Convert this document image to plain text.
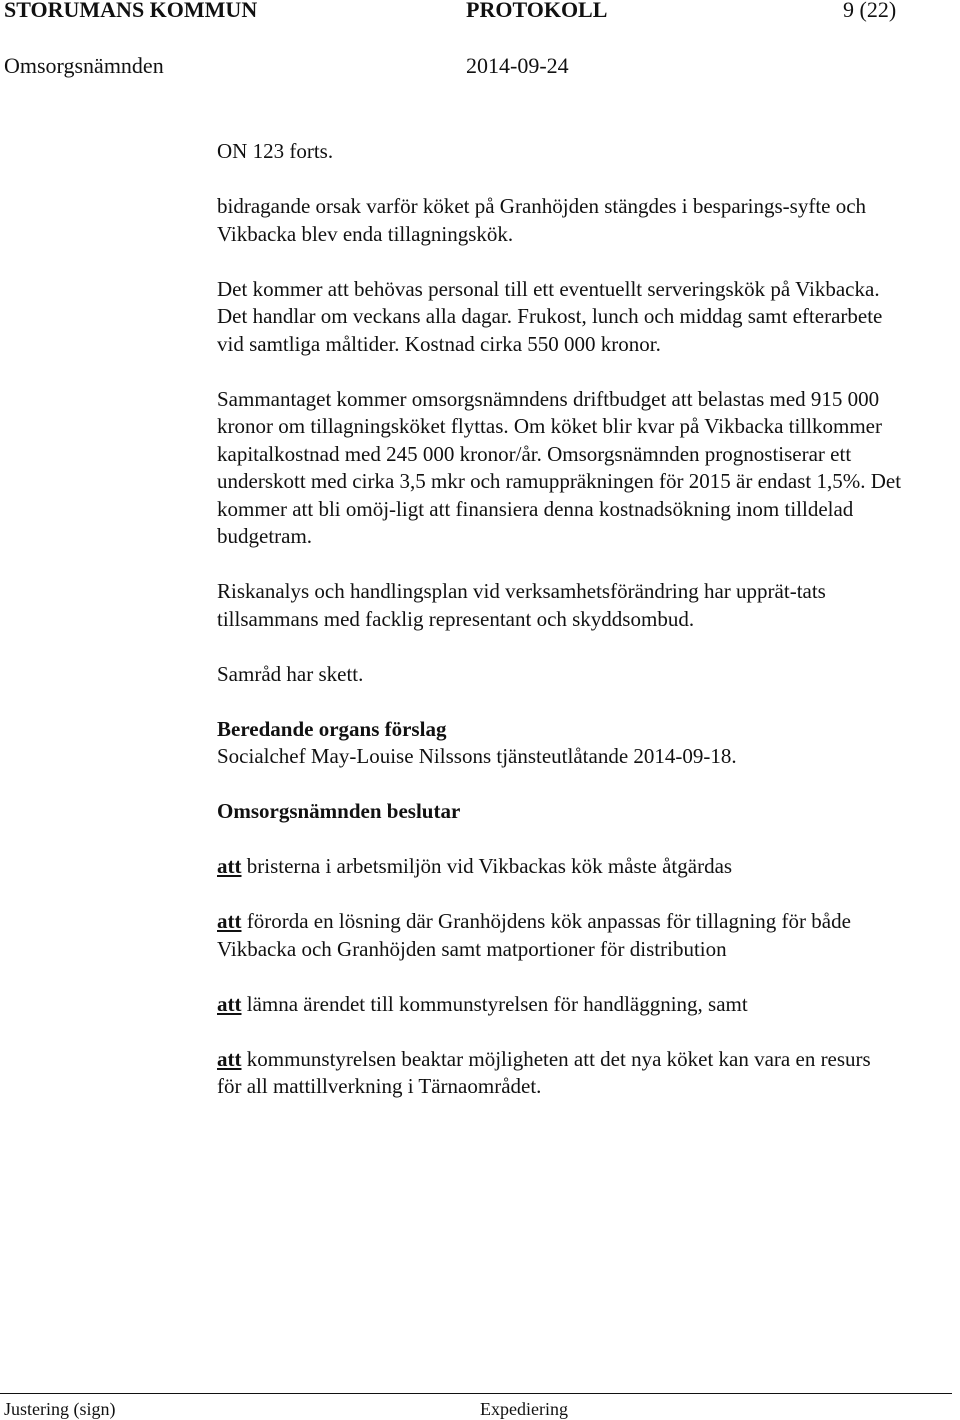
STORUMANS KOMMUN	PROTOKOLL	9 (22)
Omsorgsnämnden	2014-09-24

ON 123 forts.

bidragande orsak varför köket på Granhöjden stängdes i besparings-syfte och Vikbacka blev enda tillagningskök.

Det kommer att behövas personal till ett eventuellt serveringskök på Vikbacka. Det handlar om veckans alla dagar. Frukost, lunch och middag samt efterarbete vid samtliga måltider. Kostnad cirka 550 000 kronor.

Sammantaget kommer omsorgsnämndens driftbudget att belastas med 915 000 kronor om tillagningsköket flyttas. Om köket blir kvar på Vikbacka tillkommer kapitalkostnad med 245 000 kronor/år. Omsorgsnämnden prognostiserar ett underskott med cirka 3,5 mkr och ramuppräkningen för 2015 är endast 1,5%. Det kommer att bli omöj-ligt att finansiera denna kostnadsökning inom tilldelad budgetram.

Riskanalys och handlingsplan vid verksamhetsförändring har upprät-tats tillsammans med facklig representant och skyddsombud.

Samråd har skett.

Beredande organs förslag

Socialchef May-Louise Nilssons tjänsteutlåtande 2014-09-18.

Omsorgsnämnden beslutar

att bristerna i arbetsmiljön vid Vikbackas kök måste åtgärdas

att förorda en lösning där Granhöjdens kök anpassas för tillagning för både Vikbacka och Granhöjden samt matportioner för distribution

att lämna ärendet till kommunstyrelsen för handläggning, samt

att kommunstyrelsen beaktar möjligheten att det nya köket kan vara en resurs för all mattillverkning i Tärnaområdet.

Justering (sign)	Expediering
